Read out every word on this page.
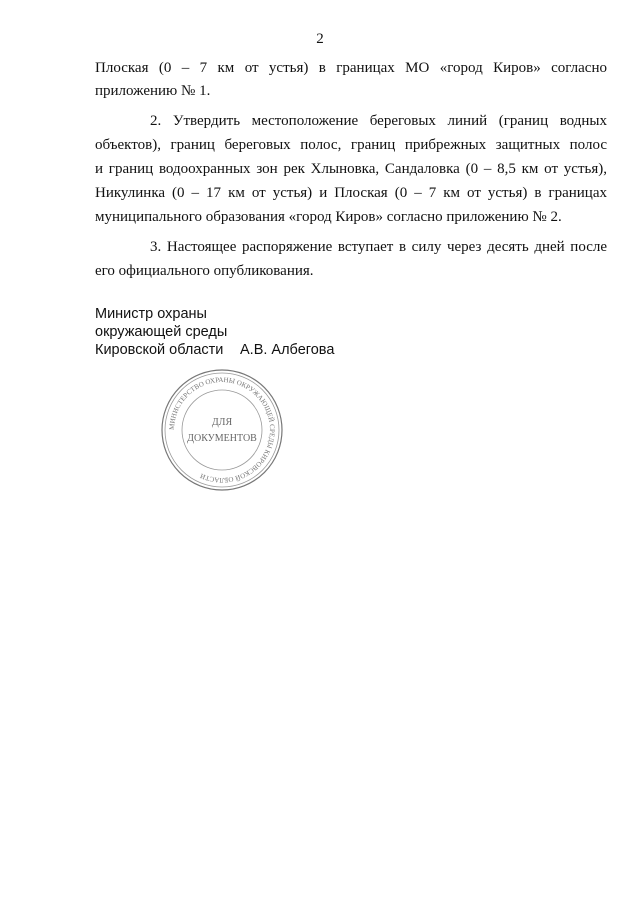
2
Плоская (0 – 7 км от устья) в границах МО «город Киров» согласно
приложению № 1.
2. Утвердить местоположение береговых линий (границ водных
объектов), границ береговых полос, границ прибрежных защитных полос
и границ водоохранных зон рек Хлыновка, Сандаловка (0 – 8,5 км от устья),
Никулинка (0 – 17 км от устья) и Плоская (0 – 7 км от устья) в границах
муниципального образования «город Киров» согласно приложению № 2.
3. Настоящее распоряжение вступает в силу через десять дней после
его официального опубликования.
Министр охраны
окружающей среды
Кировской области А.В. Албегова
МИНИСТЕРСТВО ОХРАНЫ ОКРУЖАЮЩЕЙ СРЕДЫ КИРОВСКОЙ ОБЛАСТИ
ДЛЯ
ДОКУМЕНТОВ
